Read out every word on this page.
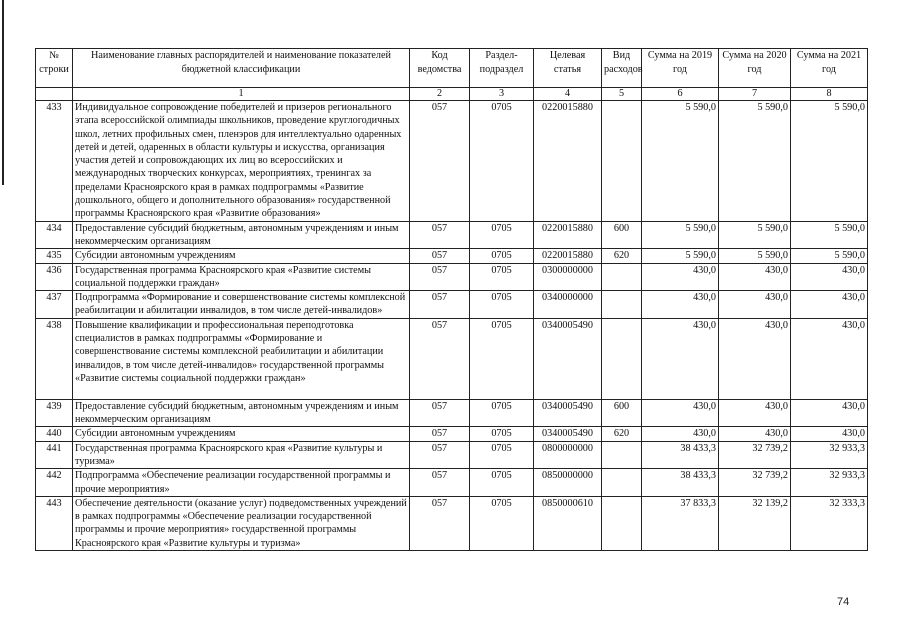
№ строки	Наименование главных распорядителей и наименование показателей бюджетной классификации	Код ведомства	Раздел-подраздел	Целевая статья	Вид расходов	Сумма на 2019 год	Сумма на 2020 год	Сумма на 2021 год
	1	2	3	4	5	6	7	8
433	Индивидуальное сопровождение победителей и призеров регионального этапа всероссийской олимпиады школьников, проведение круглогодичных школ, летних профильных смен, пленэров для интеллектуально одаренных детей и детей, одаренных в области культуры и искусства, организация участия детей и сопровождающих их лиц во всероссийских и международных творческих конкурсах, мероприятиях, тренингах за пределами Красноярского края в рамках подпрограммы «Развитие дошкольного, общего и дополнительного образования» государственной программы Красноярского края «Развитие образования»	057	0705	0220015880		5 590,0	5 590,0	5 590,0
434	Предоставление субсидий бюджетным, автономным учреждениям и иным некоммерческим организациям	057	0705	0220015880	600	5 590,0	5 590,0	5 590,0
435	Субсидии автономным учреждениям	057	0705	0220015880	620	5 590,0	5 590,0	5 590,0
436	Государственная программа Красноярского края «Развитие системы социальной поддержки граждан»	057	0705	0300000000		430,0	430,0	430,0
437	Подпрограмма «Формирование и совершенствование системы комплексной реабилитации и абилитации инвалидов, в том числе детей-инвалидов»	057	0705	0340000000		430,0	430,0	430,0
438	Повышение квалификации и профессиональная переподготовка специалистов в рамках подпрограммы «Формирование и совершенствование системы комплексной реабилитации и абилитации инвалидов, в том числе детей-инвалидов» государственной программы «Развитие системы социальной поддержки граждан»	057	0705	0340005490		430,0	430,0	430,0
439	Предоставление субсидий бюджетным, автономным учреждениям и иным некоммерческим организациям	057	0705	0340005490	600	430,0	430,0	430,0
440	Субсидии автономным учреждениям	057	0705	0340005490	620	430,0	430,0	430,0
441	Государственная программа Красноярского края «Развитие культуры и туризма»	057	0705	0800000000		38 433,3	32 739,2	32 933,3
442	Подпрограмма «Обеспечение реализации государственной программы и прочие мероприятия»	057	0705	0850000000		38 433,3	32 739,2	32 933,3
443	Обеспечение деятельности (оказание услуг) подведомственных учреждений в рамках подпрограммы «Обеспечение реализации государственной программы и прочие мероприятия» государственной программы Красноярского края «Развитие культуры и туризма»	057	0705	0850000610		37 833,3	32 139,2	32 333,3
74
